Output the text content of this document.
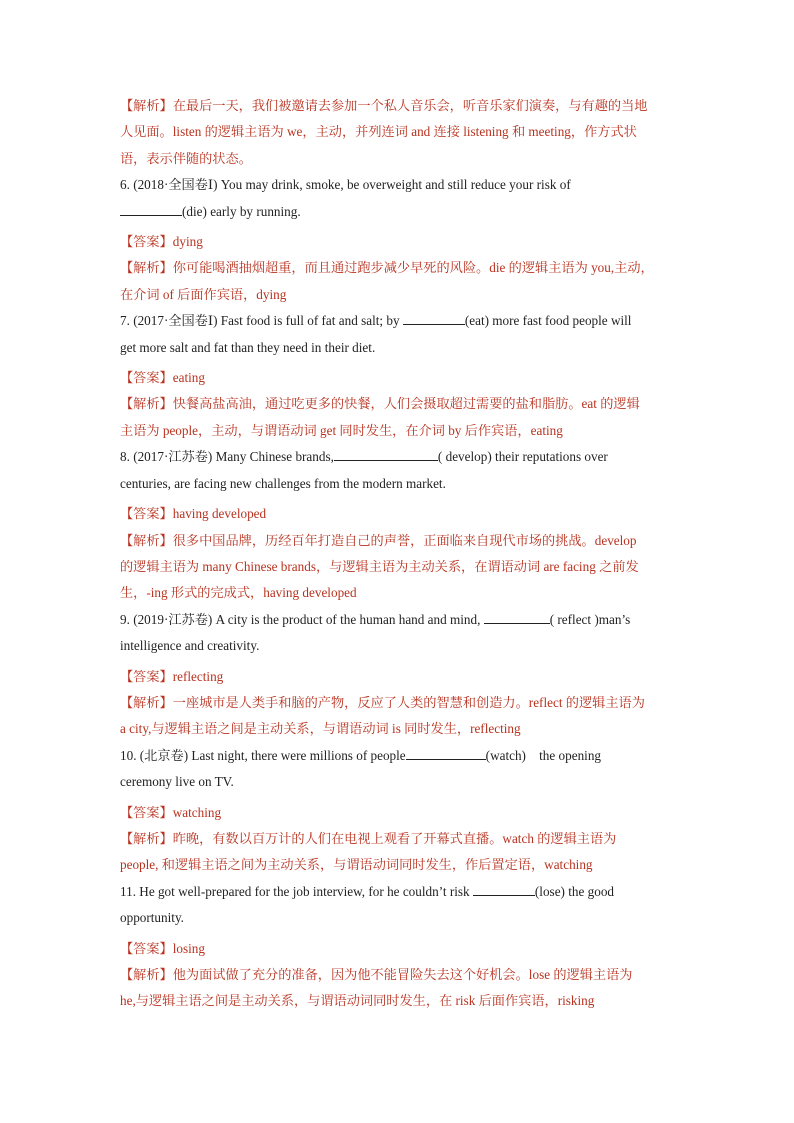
【解析】在最后一天，我们被邀请去参加一个私人音乐会，听音乐家们演奏，与有趣的当地
人见面。listen 的逻辑主语为 we，主动，并列连词 and 连接 listening 和 meeting，作方式状
语，表示伴随的状态。
6. (2018·全国卷Ⅰ) You may drink, smoke, be overweight and still reduce your risk of
(die) early by running.
【答案】dying
【解析】你可能喝酒抽烟超重，而且通过跑步减少早死的风险。die 的逻辑主语为 you,主动，
在介词 of 后面作宾语，dying
7. (2017·全国卷Ⅰ) Fast food is full of fat and salt; by	(eat) more fast food people will
get more salt and fat than they need in their diet.
【答案】eating
【解析】快餐高盐高油，通过吃更多的快餐，人们会摄取超过需要的盐和脂肪。eat 的逻辑
主语为 people，主动，与谓语动词 get 同时发生，在介词 by 后作宾语，eating
8. (2017·江苏卷) Many Chinese brands,	( develop) their reputations over
centuries, are facing new challenges from the modern market.
【答案】having developed
【解析】很多中国品牌，历经百年打造自己的声誉，正面临来自现代市场的挑战。develop
的逻辑主语为 many Chinese brands，与逻辑主语为主动关系，在谓语动词 are facing 之前发
生，-ing 形式的完成式，having developed
9. (2019·江苏卷) A city is the product of the human hand and mind,	( reflect )man’s
intelligence and creativity.
【答案】reflecting
【解析】一座城市是人类手和脑的产物，反应了人类的智慧和创造力。reflect 的逻辑主语为
a city,与逻辑主语之间是主动关系，与谓语动词 is 同时发生，reflecting
10. (北京卷) Last night, there were millions of people	(watch)    the opening
ceremony live on TV.
【答案】watching
【解析】昨晚，有数以百万计的人们在电视上观看了开幕式直播。watch 的逻辑主语为
people, 和逻辑主语之间为主动关系，与谓语动词同时发生，作后置定语，watching
11. He got well-prepared for the job interview, for he couldn’t risk	(lose) the good
opportunity.
【答案】losing
【解析】他为面试做了充分的准备，因为他不能冒险失去这个好机会。lose 的逻辑主语为
he,与逻辑主语之间是主动关系，与谓语动词同时发生，在 risk 后面作宾语，risking
